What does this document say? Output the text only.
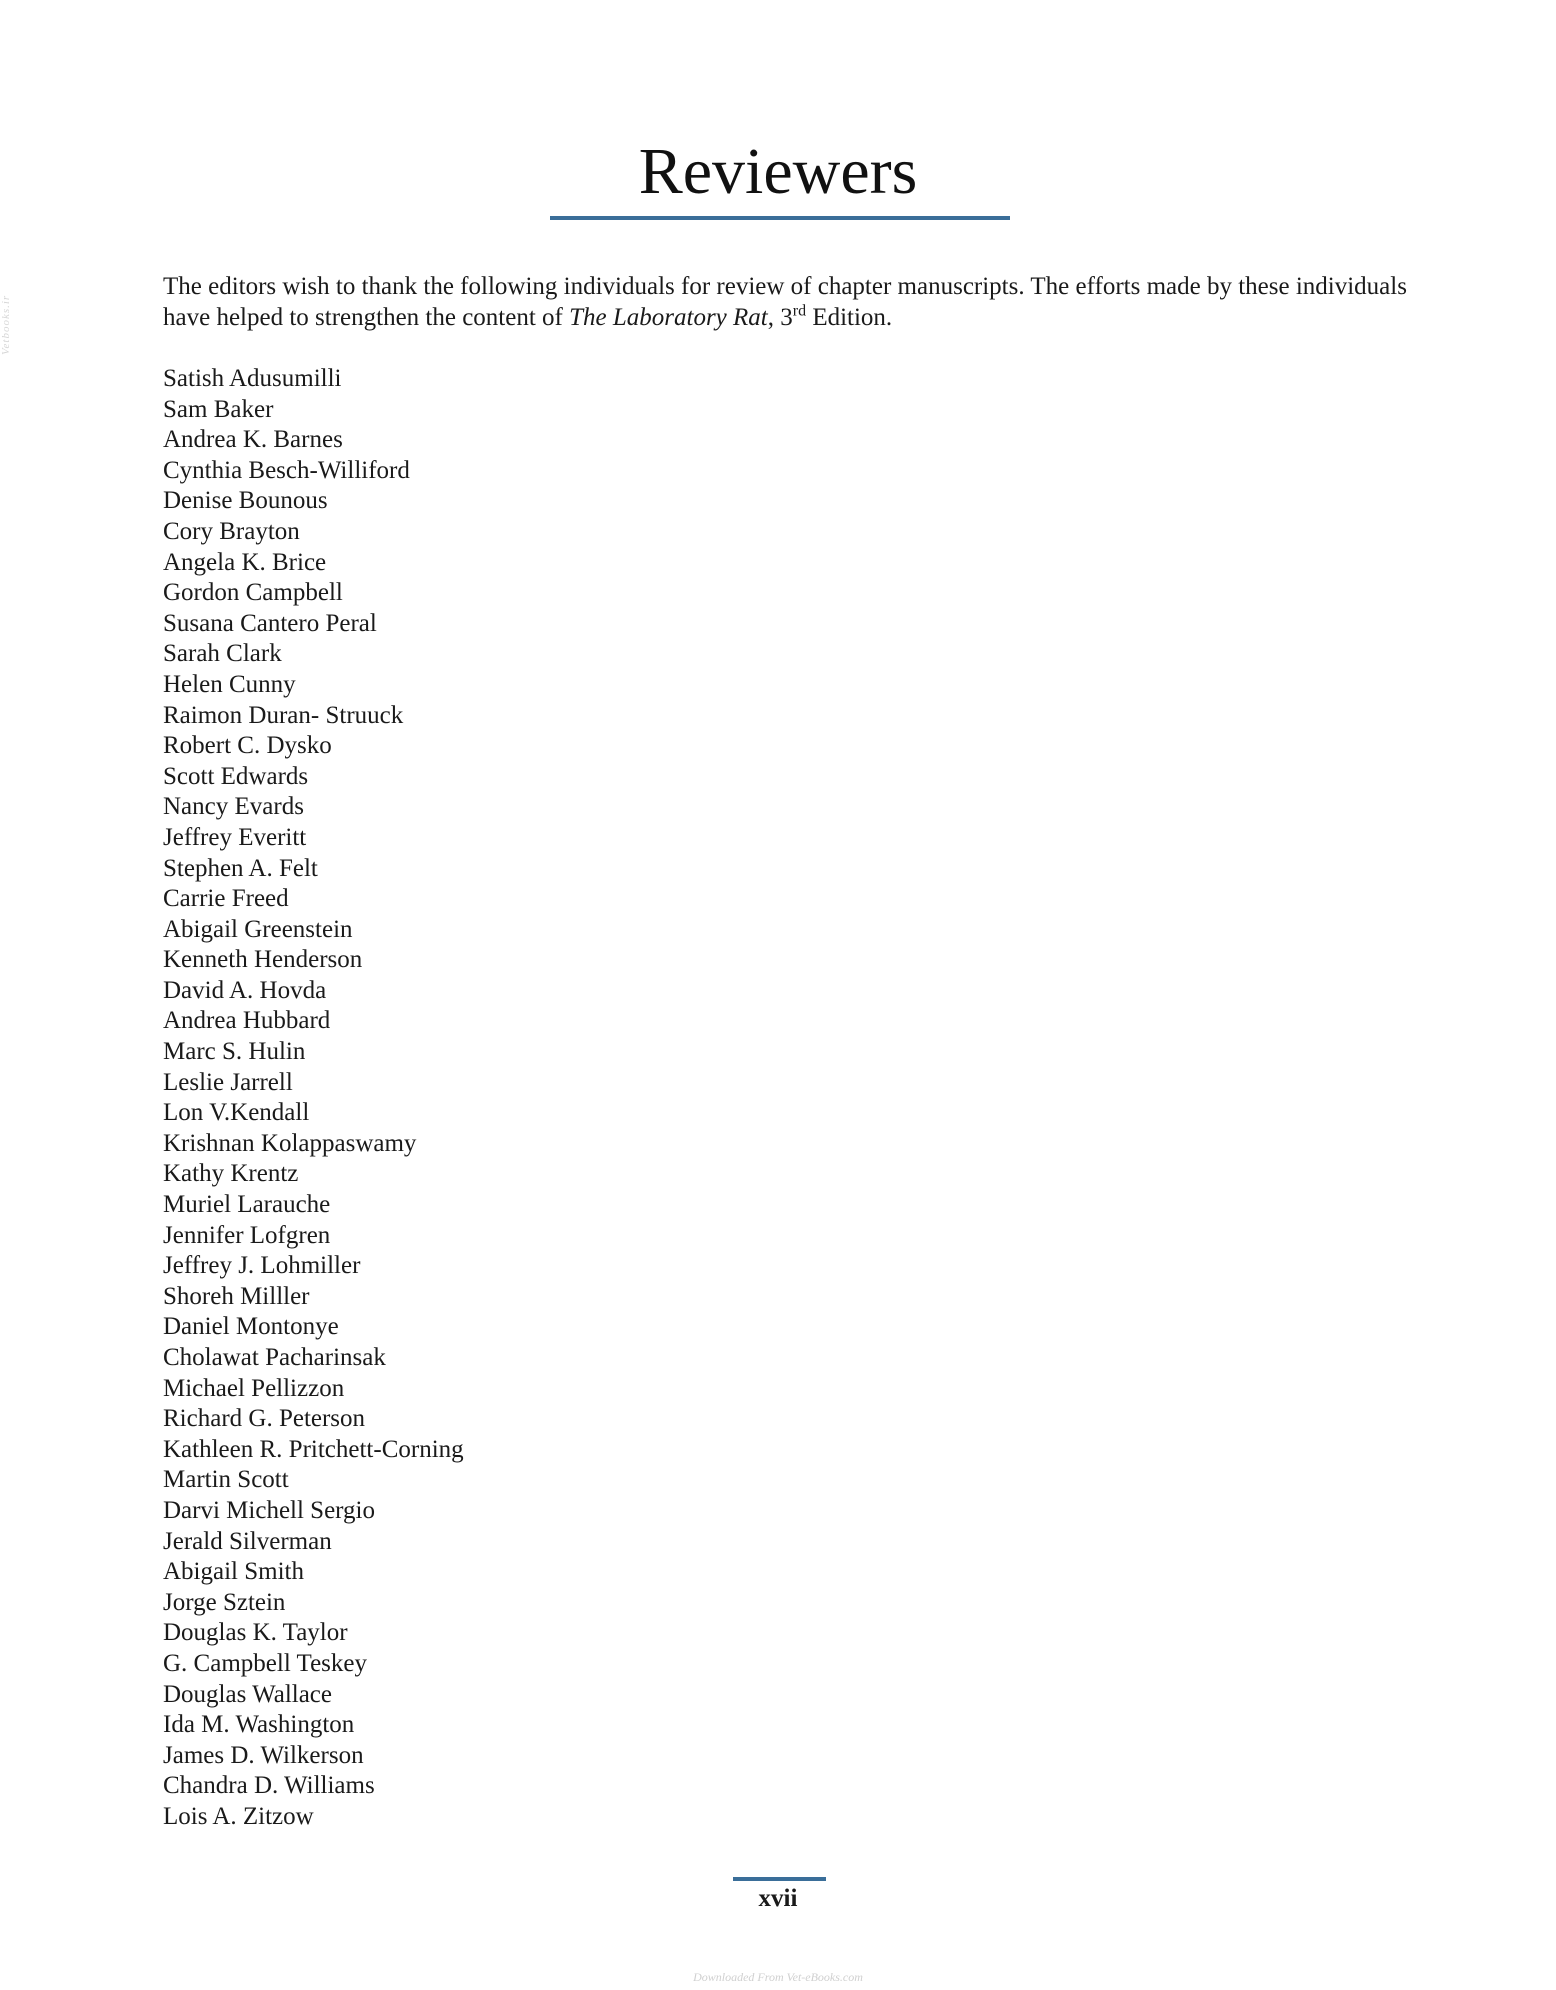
Vetbooks.ir
Reviewers

The editors wish to thank the following individuals for review of chapter manuscripts. The efforts made by these individuals have helped to strengthen the content of The Laboratory Rat, 3rd Edition.

Satish Adusumilli
Sam Baker
Andrea K. Barnes
Cynthia Besch-Williford
Denise Bounous
Cory Brayton
Angela K. Brice
Gordon Campbell
Susana Cantero Peral
Sarah Clark
Helen Cunny
Raimon Duran- Struuck
Robert C. Dysko
Scott Edwards
Nancy Evards
Jeffrey Everitt
Stephen A. Felt
Carrie Freed
Abigail Greenstein
Kenneth Henderson
David A. Hovda
Andrea Hubbard
Marc S. Hulin
Leslie Jarrell
Lon V.Kendall
Krishnan Kolappaswamy
Kathy Krentz
Muriel Larauche
Jennifer Lofgren
Jeffrey J. Lohmiller
Shoreh Milller
Daniel Montonye
Cholawat Pacharinsak
Michael Pellizzon
Richard G. Peterson
Kathleen R. Pritchett-Corning
Martin Scott
Darvi Michell Sergio
Jerald Silverman
Abigail Smith
Jorge Sztein
Douglas K. Taylor
G. Campbell Teskey
Douglas Wallace
Ida M. Washington
James D. Wilkerson
Chandra D. Williams
Lois A. Zitzow
xvii
Downloaded From Vet-eBooks.com
